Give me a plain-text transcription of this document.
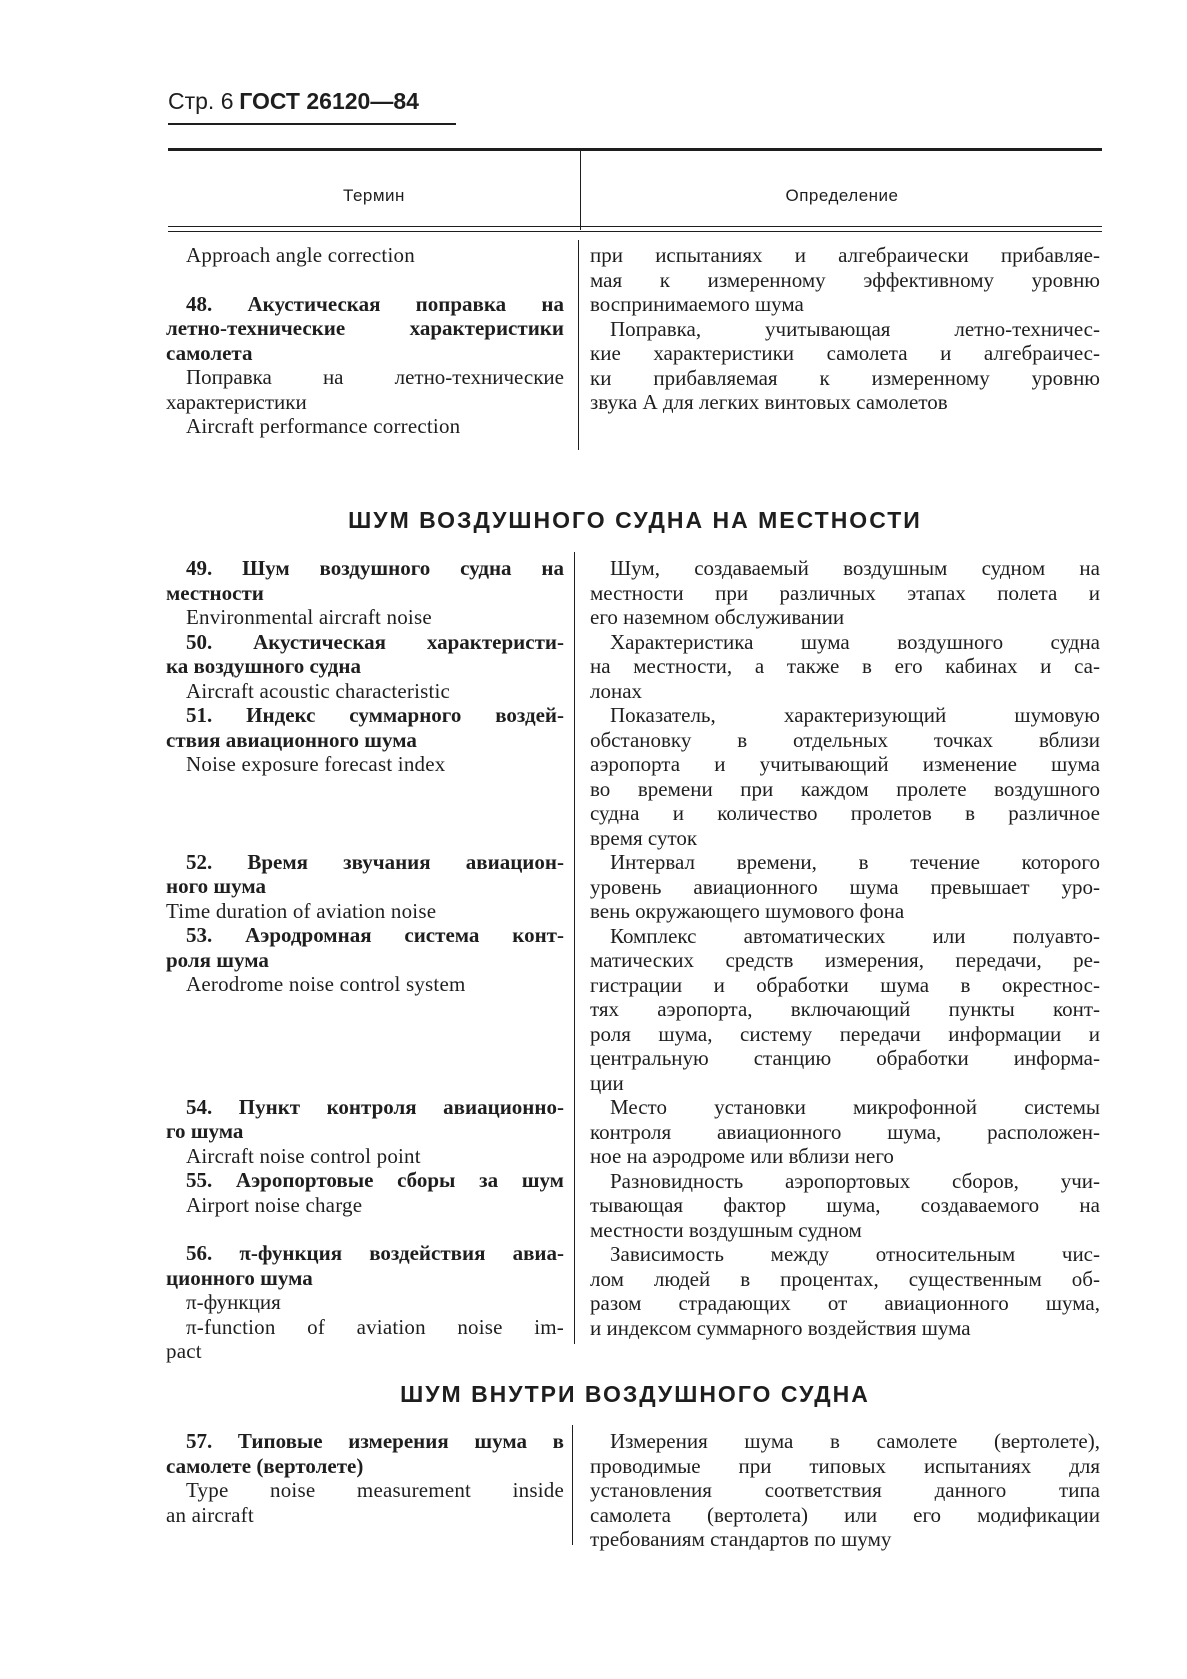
Стр. 6 ГОСТ 26120—84
Термин	Определение
Approach angle correction
48. Акустическая поправка на
летно-технические характеристики
самолета
Поправка на летно-технические
характеристики
Aircraft performance correction
при испытаниях и алгебраически прибавляе-
мая к измеренному эффективному уровню
воспринимаемого шума
Поправка, учитывающая летно-техничес-
кие характеристики самолета и алгебраичес-
ки прибавляемая к измеренному уровню
звука А для легких винтовых самолетов
ШУМ ВОЗДУШНОГО СУДНА НА МЕСТНОСТИ
49. Шум воздушного судна на
местности
Environmental aircraft noise
50. Акустическая характеристи-
ка воздушного судна
Aircraft acoustic characteristic
51. Индекс суммарного воздей-
ствия авиационного шума
Noise exposure forecast index
52. Время звучания авиацион-
ного шума
Time duration of aviation noise
53. Аэродромная система конт-
роля шума
Aerodrome noise control system
54. Пункт контроля авиационно-
го шума
Aircraft noise control point
55. Аэропортовые сборы за шум
Airport noise charge
56. π-функция воздействия авиа-
ционного шума
π-функция
π-function of aviation noise im-
pact
Шум, создаваемый воздушным судном на
местности при различных этапах полета и
его наземном обслуживании
Характеристика шума воздушного судна
на местности, а также в его кабинах и са-
лонах
Показатель, характеризующий шумовую
обстановку в отдельных точках вблизи
аэропорта и учитывающий изменение шума
во времени при каждом пролете воздушного
судна и количество пролетов в различное
время суток
Интервал времени, в течение которого
уровень авиационного шума превышает уро-
вень окружающего шумового фона
Комплекс автоматических или полуавто-
матических средств измерения, передачи, ре-
гистрации и обработки шума в окрестнос-
тях аэропорта, включающий пункты конт-
роля шума, систему передачи информации и
центральную станцию обработки информа-
ции
Место установки микрофонной системы
контроля авиационного шума, расположен-
ное на аэродроме или вблизи него
Разновидность аэропортовых сборов, учи-
тывающая фактор шума, создаваемого на
местности воздушным судном
Зависимость между относительным чис-
лом людей в процентах, существенным об-
разом страдающих от авиационного шума,
и индексом суммарного воздействия шума
ШУМ ВНУТРИ ВОЗДУШНОГО СУДНА
57. Типовые измерения шума в
самолете (вертолете)
Type noise measurement inside
an aircraft
Измерения шума в самолете (вертолете),
проводимые при типовых испытаниях для
установления соответствия данного типа
самолета (вертолета) или его модификации
требованиям стандартов по шуму
